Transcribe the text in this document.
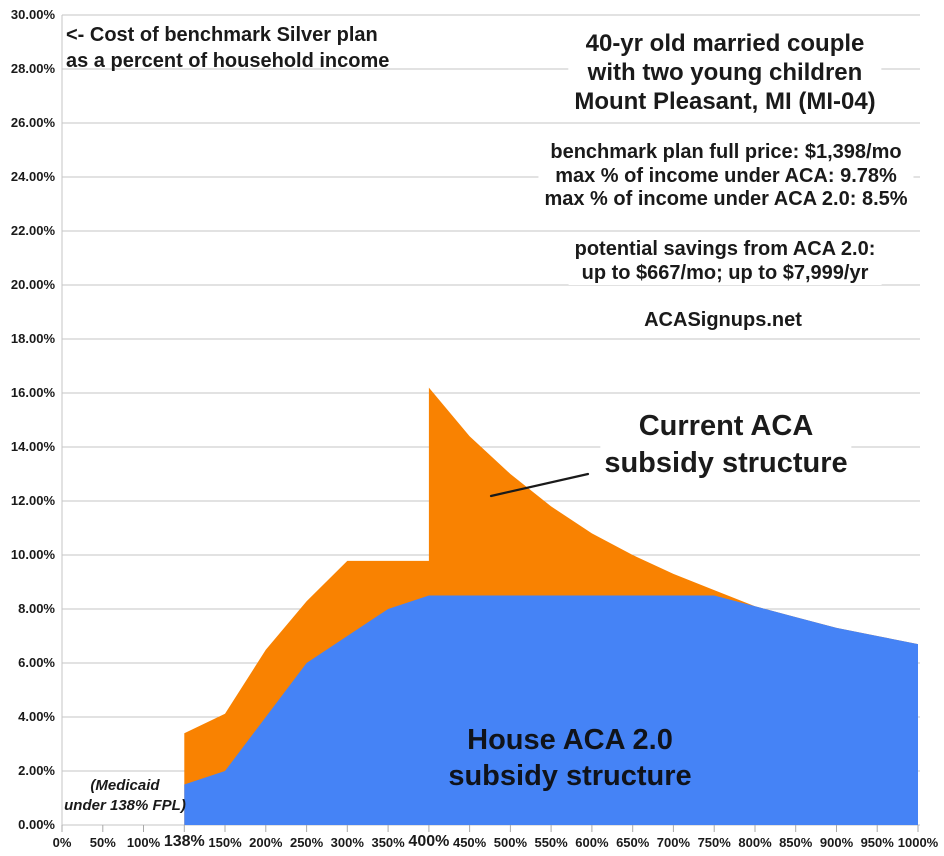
30.00%
28.00%
26.00%
24.00%
22.00%
20.00%
18.00%
16.00%
14.00%
12.00%
10.00%
8.00%
6.00%
4.00%
2.00%
0.00%
0% 50% 100% 138% 150% 200% 250% 300% 350% 400% 450% 500% 550% 600% 650% 700% 750% 800% 850% 900% 950% 1000%
<- Cost of benchmark Silver plan
as a percent of household income
40-yr old married couple
with two young children
Mount Pleasant, MI (MI-04)
benchmark plan full price: $1,398/mo
max % of income under ACA: 9.78%
max % of income under ACA 2.0: 8.5%
potential savings from ACA 2.0:
up to $667/mo; up to $7,999/yr
ACASignups.net
Current ACA
subsidy structure
House ACA 2.0
subsidy structure
(Medicaid
under 138% FPL)
